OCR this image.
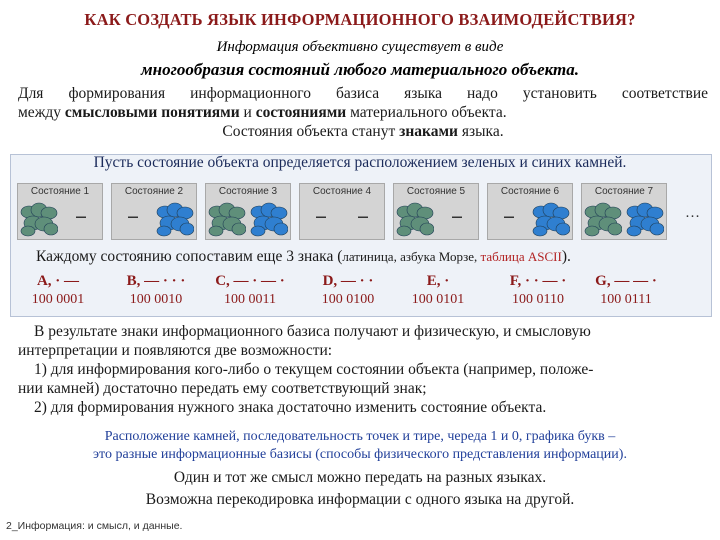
КАК СОЗДАТЬ ЯЗЫК ИНФОРМАЦИОННОГО ВЗАИМОДЕЙСТВИЯ?
Информация объективно существует в виде
многообразия состояний любого материального объекта.
Для формирования информационного базиса языка надо установить соответствие
между смысловыми понятиями и состояниями материального объекта.
Состояния объекта станут знаками языка.
Пусть состояние объекта определяется расположением зеленых и синих камней.
Состояние 1
▬▬
Состояние 2
▬▬
Состояние 3	Состояние 4
▬▬	▬▬
Состояние 5
▬▬
Состояние 6
▬▬
Состояние 7
…
Каждому состоянию сопоставим еще 3 знака (латиница, азбука Морзе, таблица ASCII).
A, · —
100 0001
B, — · · ·
100 0010
C, — · — ·
100 0011
D, — · ·
100 0100
E, ·
100 0101
F, · · — ·
100 0110
G, — — ·
100 0111
В результате знаки информационного базиса получают и физическую, и смысловую
интерпретации и появляются две возможности:
1) для информирования кого-либо о текущем состоянии объекта (например, положе-
нии камней) достаточно передать ему соответствующий знак;
2) для формирования нужного знака достаточно изменить состояние объекта.
Расположение камней, последовательность точек и тире, череда 1 и 0, графика букв –
это разные информационные базисы (способы физического представления информации).
Один и тот же смысл можно передать на разных языках.
Возможна перекодировка информации с одного языка на другой.
2_Информация: и смысл, и данные.
